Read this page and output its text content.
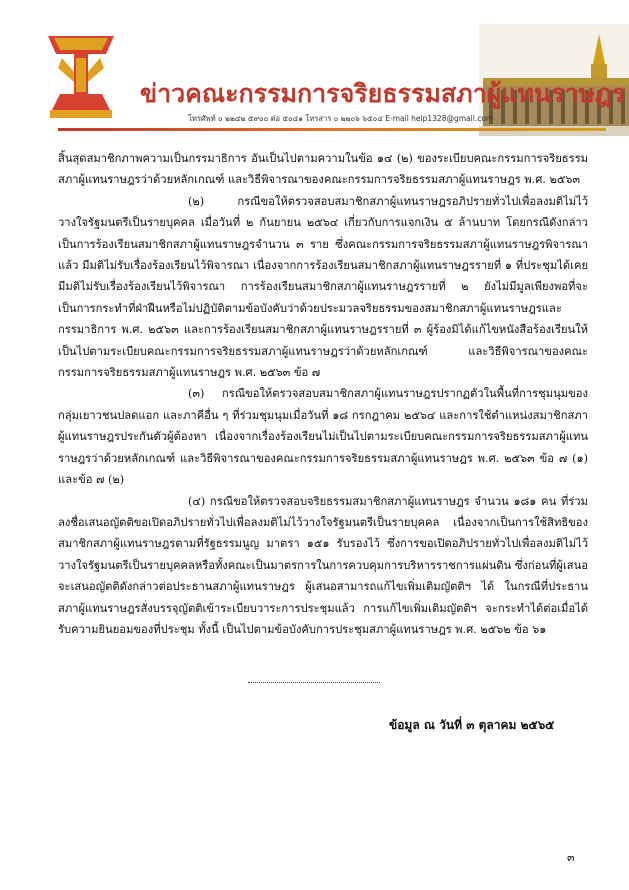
ข่าวคณะกรรมการจริยธรรมสภาผู้แทนราษฎร
โทรศัพท์ ๐ ๒๒๔๒ ๕๙๐๐ ต่อ ๕๐๔๑ โทรสาร ๐ ๒๒๐๖ ๖๕๐๔ E-mail help1328@gmail.com

สิ้นสุดสมาชิกภาพความเป็นกรรมาธิการ อันเป็นไปตามความในข้อ ๑๔ (๒) ของระเบียบคณะกรรมการจริยธรรมสภาผู้แทนราษฎรว่าด้วยหลักเกณฑ์ และวิธีพิจารณาของคณะกรรมการจริยธรรมสภาผู้แทนราษฎร พ.ศ. ๒๕๖๓

(๒) กรณีขอให้ตรวจสอบสมาชิกสภาผู้แทนราษฎรอภิปรายทั่วไปเพื่อลงมติไม่ไว้วางใจรัฐมนตรีเป็นรายบุคคล เมื่อวันที่ ๒ กันยายน ๒๕๖๔ เกี่ยวกับการแจกเงิน ๕ ล้านบาท โดยกรณีดังกล่าวเป็นการร้องเรียนสมาชิกสภาผู้แทนราษฎรจำนวน ๓ ราย ซึ่งคณะกรรมการจริยธรรมสภาผู้แทนราษฎรพิจารณาแล้ว มีมติไม่รับเรื่องร้องเรียนไว้พิจารณา เนื่องจากการร้องเรียนสมาชิกสภาผู้แทนราษฎรรายที่ ๑ ที่ประชุมได้เคยมีมติไม่รับเรื่องร้องเรียนไว้พิจารณา การร้องเรียนสมาชิกสภาผู้แทนราษฎรรายที่ ๒ ยังไม่มีมูลเพียงพอที่จะเป็นการกระทำที่ฝ่าฝืนหรือไม่ปฏิบัติตามข้อบังคับว่าด้วยประมวลจริยธรรมของสมาชิกสภาผู้แทนราษฎรและกรรมาธิการ พ.ศ. ๒๕๖๓ และการร้องเรียนสมาชิกสภาผู้แทนราษฎรรายที่ ๓ ผู้ร้องมิได้แก้ไขหนังสือร้องเรียนให้เป็นไปตามระเบียบคณะกรรมการจริยธรรมสภาผู้แทนราษฎรว่าด้วยหลักเกณฑ์ และวิธีพิจารณาของคณะกรรมการจริยธรรมสภาผู้แทนราษฎร พ.ศ. ๒๕๖๓ ข้อ ๗

(๓) กรณีขอให้ตรวจสอบสมาชิกสภาผู้แทนราษฎรปรากฏตัวในพื้นที่การชุมนุมของกลุ่มเยาวชนปลดแอก และภาคีอื่น ๆ ที่ร่วมชุมนุมเมื่อวันที่ ๑๘ กรกฎาคม ๒๕๖๔ และการใช้ตำแหน่งสมาชิกสภาผู้แทนราษฎรประกันตัวผู้ต้องหา เนื่องจากเรื่องร้องเรียนไม่เป็นไปตามระเบียบคณะกรรมการจริยธรรมสภาผู้แทนราษฎรว่าด้วยหลักเกณฑ์ และวิธีพิจารณาของคณะกรรมการจริยธรรมสภาผู้แทนราษฎร พ.ศ. ๒๕๖๓ ข้อ ๗ (๑) และข้อ ๗ (๒)

(๔) กรณีขอให้ตรวจสอบจริยธรรมสมาชิกสภาผู้แทนราษฎร จำนวน ๑๘๑ คน ที่ร่วมลงชื่อเสนอญัตติขอเปิดอภิปรายทั่วไปเพื่อลงมติไม่ไว้วางใจรัฐมนตรีเป็นรายบุคคล เนื่องจากเป็นการใช้สิทธิของสมาชิกสภาผู้แทนราษฎรตามที่รัฐธรรมนูญ มาตรา ๑๕๑ รับรองไว้ ซึ่งการขอเปิดอภิปรายทั่วไปเพื่อลงมติไม่ไว้วางใจรัฐมนตรีเป็นรายบุคคลหรือทั้งคณะเป็นมาตรการในการควบคุมการบริหารราชการแผ่นดิน ซึ่งก่อนที่ผู้เสนอจะเสนอญัตติดังกล่าวต่อประธานสภาผู้แทนราษฎร ผู้เสนอสามารถแก้ไขเพิ่มเติมญัตติฯ ได้ ในกรณีที่ประธานสภาผู้แทนราษฎรสั่งบรรจุญัตติเข้าระเบียบวาระการประชุมแล้ว การแก้ไขเพิ่มเติมญัตติฯ จะกระทำได้ต่อเมื่อได้รับความยินยอมของที่ประชุม ทั้งนี้ เป็นไปตามข้อบังคับการประชุมสภาผู้แทนราษฎร พ.ศ. ๒๕๖๒ ข้อ ๖๑

ข้อมูล ณ วันที่ ๓ ตุลาคม ๒๕๖๕
๓
